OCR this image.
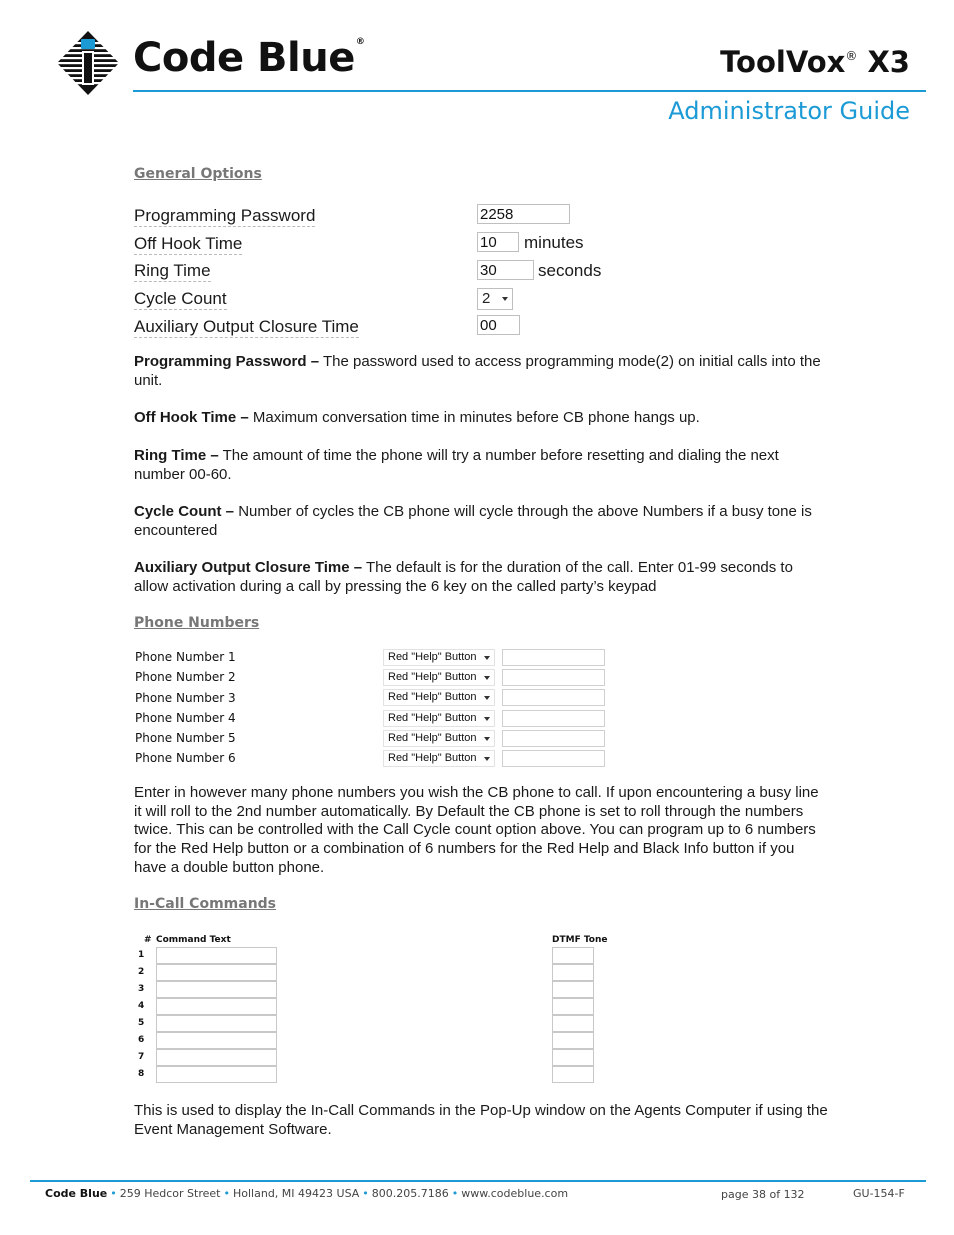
Code Blue®
ToolVox® X3
Administrator Guide
General Options
Programming Password	2258
Off Hook Time	10	minutes
Ring Time	30	seconds
Cycle Count	2
Auxiliary Output Closure Time	00
Programming Password – The password used to access programming mode(2) on initial calls into the unit.
Off Hook Time – Maximum conversation time in minutes before CB phone hangs up.
Ring Time – The amount of time the phone will try a number before resetting and dialing the next number 00-60.
Cycle Count – Number of cycles the CB phone will cycle through the above Numbers if a busy tone is encountered
Auxiliary Output Closure Time – The default is for the duration of the call. Enter 01-99 seconds to allow activation during a call by pressing the 6 key on the called party’s keypad
Phone Numbers
Phone Number 1	Red "Help" Button
Phone Number 2	Red "Help" Button
Phone Number 3	Red "Help" Button
Phone Number 4	Red "Help" Button
Phone Number 5	Red "Help" Button
Phone Number 6	Red "Help" Button
Enter in however many phone numbers you wish the CB phone to call. If upon encountering a busy line it will roll to the 2nd number automatically. By Default the CB phone is set to roll through the numbers twice. This can be controlled with the Call Cycle count option above. You can program up to 6 numbers for the Red Help button or a combination of 6 numbers for the Red Help and Black Info button if you have a double button phone.
In-Call Commands
# Command Text	DTMF Tone
1
2
3
4
5
6
7
8
This is used to display the In-Call Commands in the Pop-Up window on the Agents Computer if using the Event Management Software.
Code Blue • 259 Hedcor Street • Holland, MI 49423 USA • 800.205.7186 • www.codeblue.com	page 38 of 132	GU-154-F
